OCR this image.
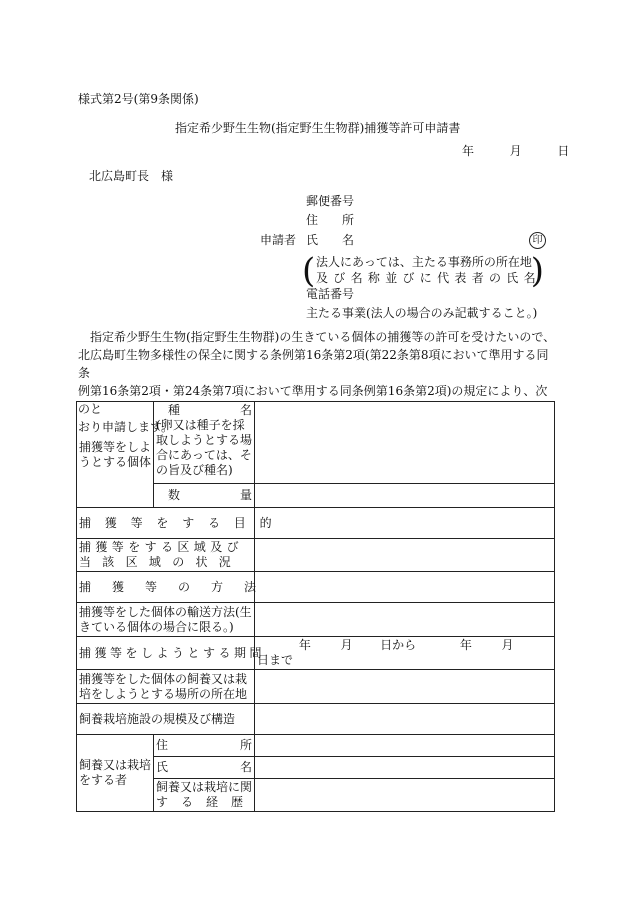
様式第2号(第9条関係)
指定希少野生生物(指定野生生物群)捕獲等許可申請書
年	月	日
北広島町長　様
郵便番号
住 所
申請者 氏 名	印
( 法人にあっては、主たる事務所の所在地
及び名称並びに代表者の氏名
)
電話番号
主たる事業(法人の場合のみ記載すること。)

　指定希少野生生物(指定野生生物群)の生きている個体の捕獲等の許可を受けたいので、

北広島町生物多様性の保全に関する条例第16条第2項(第22条第8項において準用する同条

例第16条第2項・第24条第7項において準用する同条例第16条第2項)の規定により、次のと

おり申請します。

捕獲等をしようとする個体	種 名
(卵又は種子を採取しようとする場合にあっては、その旨及び種名)	

	数 量	

捕獲等をする目的		

捕獲等をする区域及び
当該区域の状況		

捕獲等の方法		
捕獲等をした個体の輸送方法(生きている個体の場合に限る。)		
捕獲等をしようとする期間		年 月 日から 年 月  日まで
捕獲等をした個体の飼養又は栽培をしようとする場所の所在地		
飼養栽培施設の規模及び構造		
飼養又は栽培をする者	住 所	

	氏 名	

	飼養又は栽培に関
する経歴	
